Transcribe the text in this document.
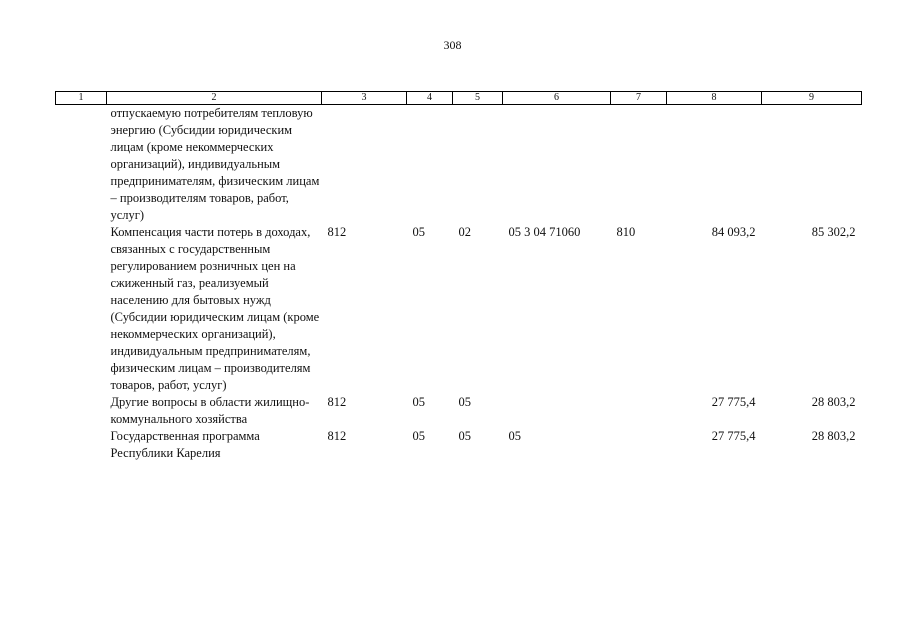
308
1	2	3	4	5	6	7	8	9
	отпускаемую потребителям тепловую энергию (Субсидии юридическим лицам (кроме некоммерческих организаций), индивидуальным предпринимателям, физическим лицам – производителям товаров, работ, услуг)							
	Компенсация части потерь в доходах, связанных с государственным регулированием розничных цен на сжиженный газ, реализуемый населению для бытовых нужд (Субсидии юридическим лицам (кроме некоммерческих организаций), индивидуальным предпринимателям, физическим лицам – производителям товаров, работ, услуг)	812	05	02	05 3 04 71060	810	84 093,2	85 302,2
	Другие вопросы в области жилищно-коммунального хозяйства	812	05	05			27 775,4	28 803,2
	Государственная программа Республики Карелия	812	05	05	05		27 775,4	28 803,2
